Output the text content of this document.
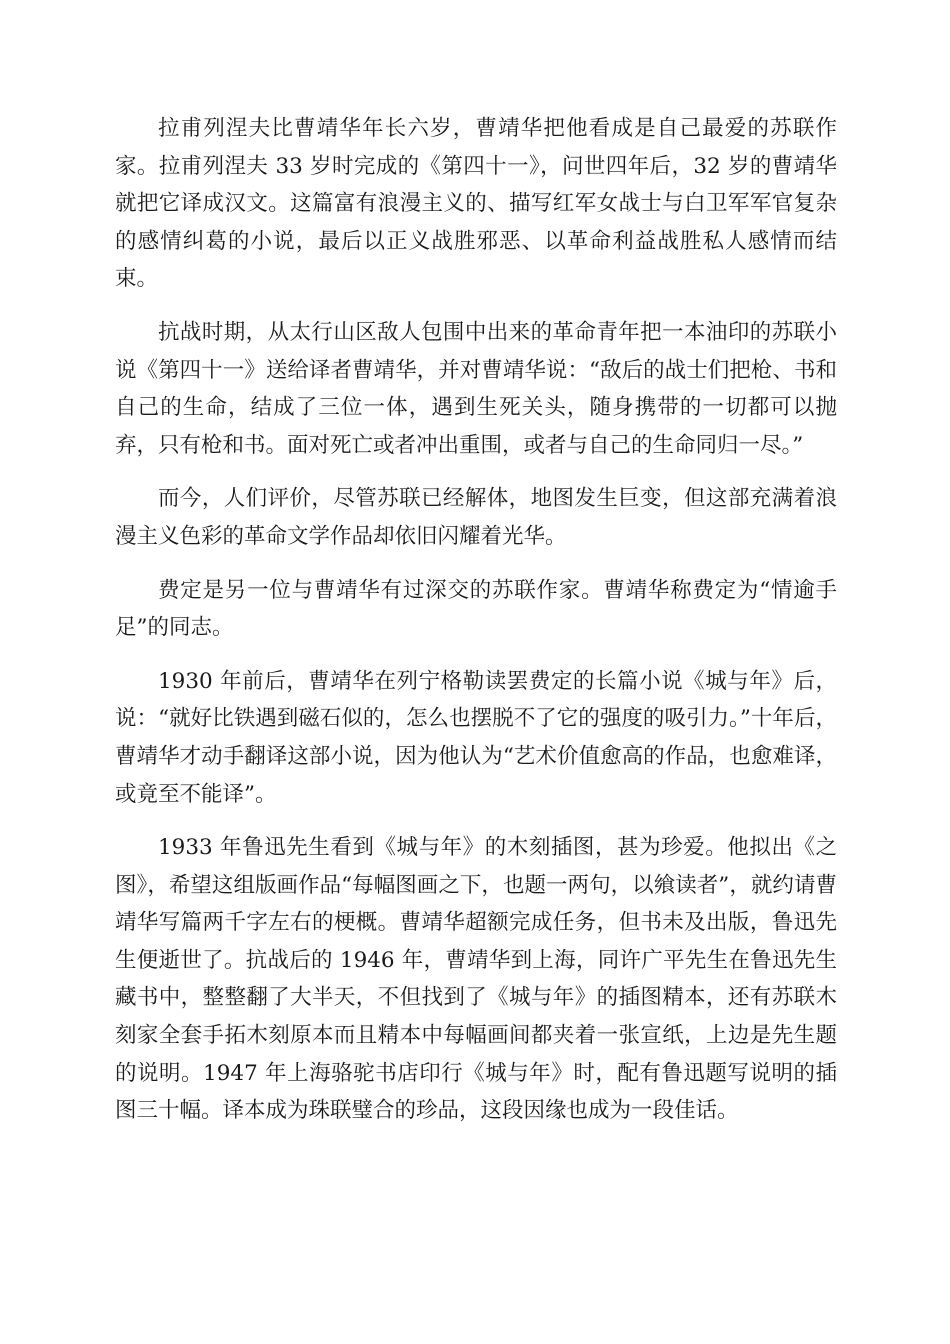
拉甫列涅夫比曹靖华年长六岁，曹靖华把他看成是自己最爱的苏联作家。拉甫列涅夫 33 岁时完成的《第四十一》，问世四年后，32 岁的曹靖华就把它译成汉文。这篇富有浪漫主义的、描写红军女战士与白卫军军官复杂的感情纠葛的小说，最后以正义战胜邪恶、以革命利益战胜私人感情而结束。

抗战时期，从太行山区敌人包围中出来的革命青年把一本油印的苏联小说《第四十一》送给译者曹靖华，并对曹靖华说：“敌后的战士们把枪、书和自己的生命，结成了三位一体，遇到生死关头，随身携带的一切都可以抛弃，只有枪和书。面对死亡或者冲出重围，或者与自己的生命同归一尽。”

而今，人们评价，尽管苏联已经解体，地图发生巨变，但这部充满着浪漫主义色彩的革命文学作品却依旧闪耀着光华。

费定是另一位与曹靖华有过深交的苏联作家。曹靖华称费定为“情逾手足”的同志。

1930 年前后，曹靖华在列宁格勒读罢费定的长篇小说《城与年》后，说：“就好比铁遇到磁石似的，怎么也摆脱不了它的强度的吸引力。”十年后，曹靖华才动手翻译这部小说，因为他认为“艺术价值愈高的作品，也愈难译，或竟至不能译”。

1933 年鲁迅先生看到《城与年》的木刻插图，甚为珍爱。他拟出《之图》，希望这组版画作品“每幅图画之下，也题一两句，以飨读者”，就约请曹靖华写篇两千字左右的梗概。曹靖华超额完成任务，但书未及出版，鲁迅先生便逝世了。抗战后的 1946 年，曹靖华到上海，同许广平先生在鲁迅先生藏书中，整整翻了大半天，不但找到了《城与年》的插图精本，还有苏联木刻家全套手拓木刻原本而且精本中每幅画间都夹着一张宣纸，上边是先生题的说明。1947 年上海骆驼书店印行《城与年》时，配有鲁迅题写说明的插图三十幅。译本成为珠联璧合的珍品，这段因缘也成为一段佳话。
